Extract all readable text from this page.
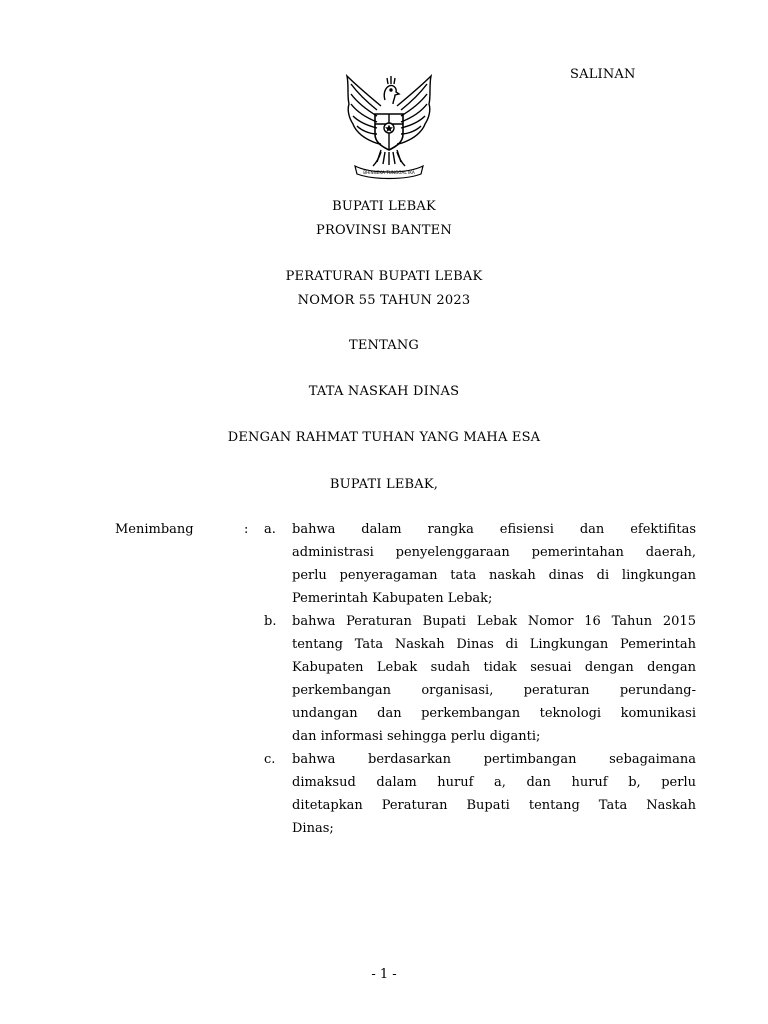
SALINAN
BHINNEKA TUNGGAL IKA
BUPATI LEBAK
PROVINSI BANTEN
PERATURAN BUPATI LEBAK
NOMOR 55 TAHUN 2023
TENTANG
TATA NASKAH DINAS
DENGAN RAHMAT TUHAN YANG MAHA ESA
BUPATI LEBAK,
Menimbang	: a. bahwa dalam rangka efisiensi dan efektifitas
administrasi penyelenggaraan pemerintahan daerah,
perlu penyeragaman tata naskah dinas di lingkungan
Pemerintah Kabupaten Lebak;
b. bahwa Peraturan Bupati Lebak Nomor 16 Tahun 2015
tentang Tata Naskah Dinas di Lingkungan Pemerintah
Kabupaten Lebak sudah tidak sesuai dengan dengan
perkembangan organisasi, peraturan perundang-
undangan dan perkembangan teknologi komunikasi
dan informasi sehingga perlu diganti;
c. bahwa berdasarkan pertimbangan sebagaimana
dimaksud dalam huruf a, dan huruf b, perlu
ditetapkan Peraturan Bupati tentang Tata Naskah
Dinas;
- 1 -
